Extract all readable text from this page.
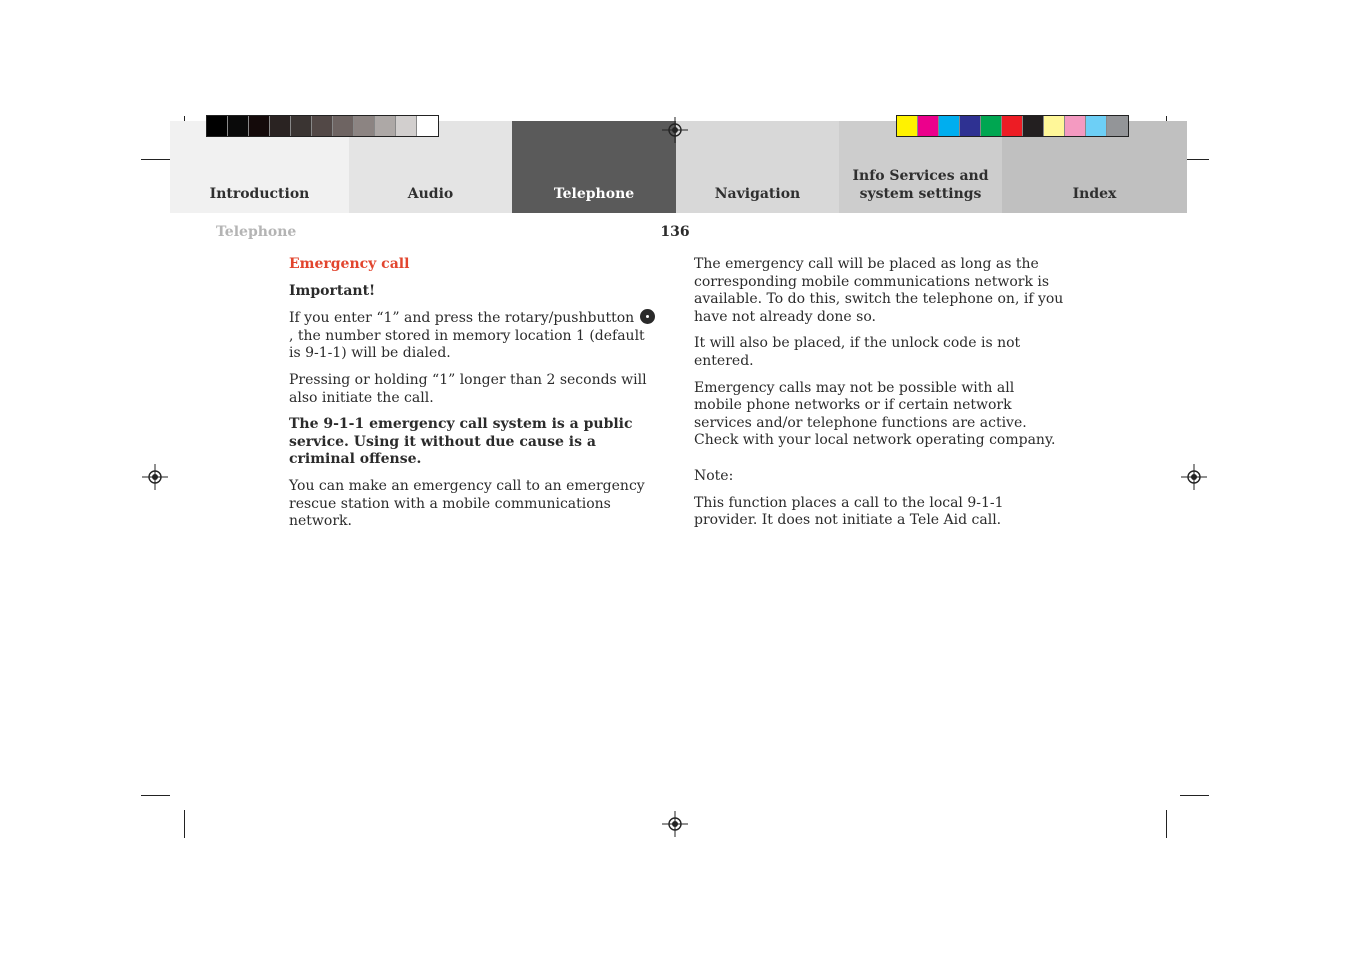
Introduction	Audio	Telephone	Navigation
Info Services and
system settings	Index
Telephone	136

Emergency call

Important!

If you enter “1” and press the rotary/pushbutton , the number stored in memory location 1 (default is 9-1-1) will be dialed.

Pressing or holding “1” longer than 2 seconds will also initiate the call.

The 9-1-1 emergency call system is a public service. Using it without due cause is a criminal offense.

You can make an emergency call to an emergency rescue station with a mobile communications network.

The emergency call will be placed as long as the corresponding mobile communications network is available. To do this, switch the telephone on, if you have not already done so.

It will also be placed, if the unlock code is not entered.

Emergency calls may not be possible with all mobile phone networks or if certain network services and/or telephone functions are active. Check with your local network operating company.

Note:

This function places a call to the local 9-1-1 provider. It does not initiate a Tele Aid call.
